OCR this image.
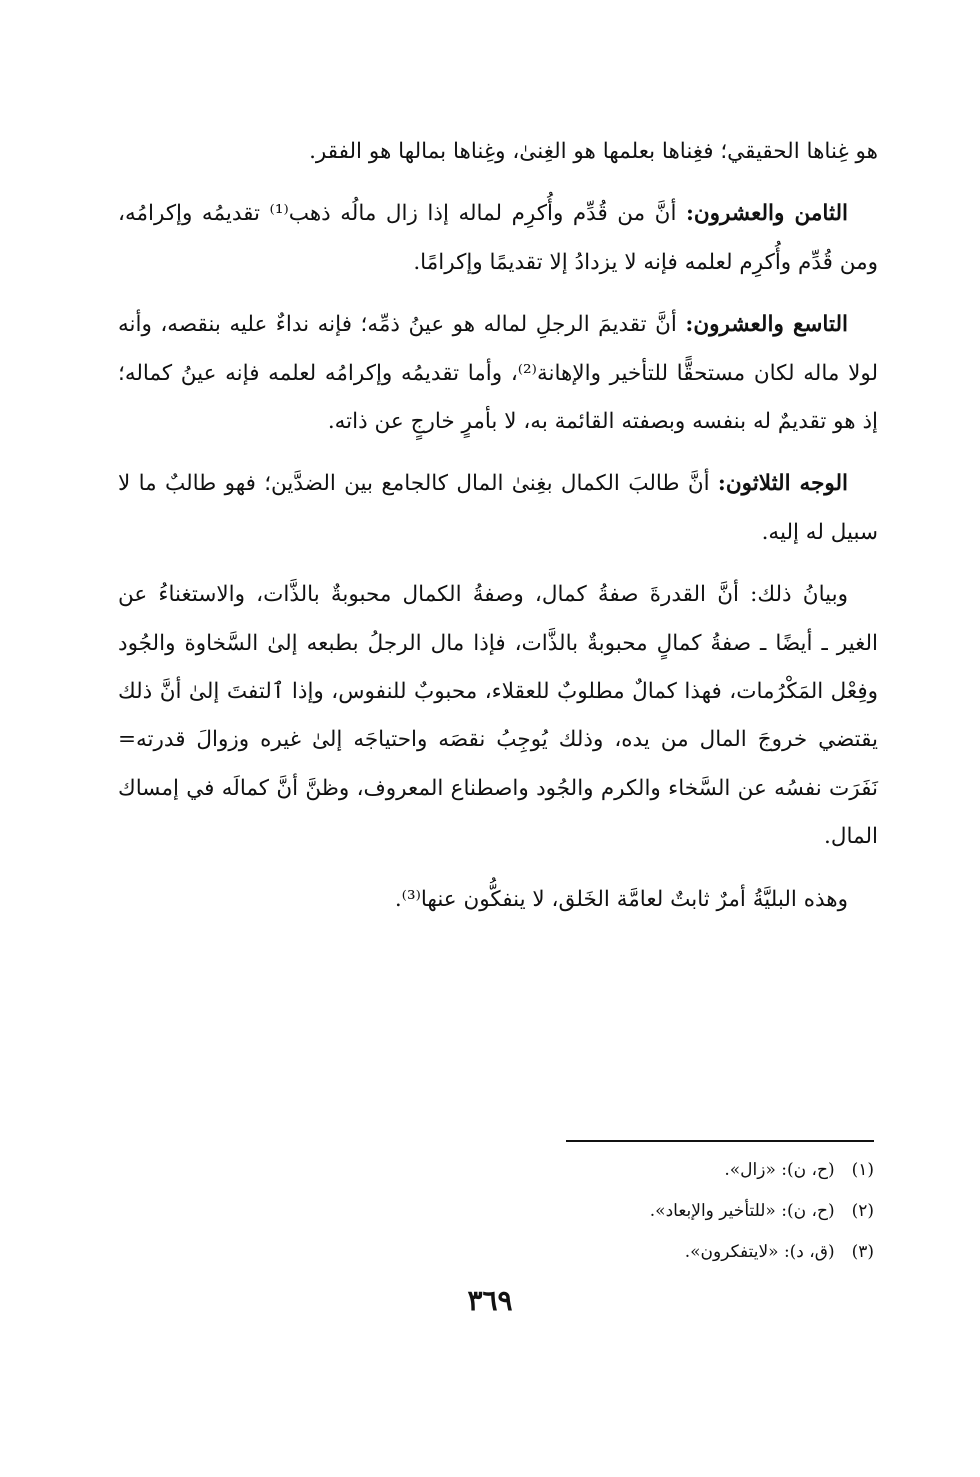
هو غِناها الحقيقي؛ فغِناها بعلمها هو الغِنىٰ، وغِناها بمالها هو الفقر.

الثامن والعشرون: أنَّ من قُدِّم وأُكرِم لماله إذا زال مالُه ذهب⁽¹⁾ تقديمُه وإكرامُه، ومن قُدِّم وأُكرِم لعلمه فإنه لا يزدادُ إلا تقديمًا وإكرامًا.

التاسع والعشرون: أنَّ تقديمَ الرجلِ لماله هو عينُ ذمِّه؛ فإنه نداءٌ عليه بنقصه، وأنه لولا ماله لكان مستحقًّا للتأخير والإهانة⁽²⁾، وأما تقديمُه وإكرامُه لعلمه فإنه عينُ كماله؛ إذ هو تقديمٌ له بنفسه وبصفته القائمة به، لا بأمرٍ خارجٍ عن ذاته.

الوجه الثلاثون: أنَّ طالبَ الكمال بغِنىٰ المال كالجامع بين الضدَّين؛ فهو طالبٌ ما لا سبيل له إليه.

وبيانُ ذلك: أنَّ القدرةَ صفةُ كمال، وصفةُ الكمال محبوبةٌ بالذَّات، والاستغناءُ عن الغير ـ أيضًا ـ صفةُ كمالٍ محبوبةٌ بالذَّات، فإذا مال الرجلُ بطبعه إلىٰ السَّخاوة والجُود وفِعْل المَكْرُمات، فهذا كمالٌ مطلوبٌ للعقلاء، محبوبٌ للنفوس، وإذا ٱلتفتَ إلىٰ أنَّ ذلك يقتضي خروجَ المال من يده، وذلك يُوجِبُ نقصَه واحتياجَه إلىٰ غيره وزوالَ قدرته= نَفَرَت نفسُه عن السَّخاء والكرم والجُود واصطناع المعروف، وظنَّ أنَّ كمالَه في إمساك المال.

وهذه البليَّةُ أمرٌ ثابتٌ لعامَّة الخَلق، لا ينفكُّون عنها⁽³⁾.

(١) (ح، ن): «زال».

(٢) (ح، ن): «للتأخير والإبعاد».

(٣) (ق، د): «لايتفكرون».

٣٦٩
